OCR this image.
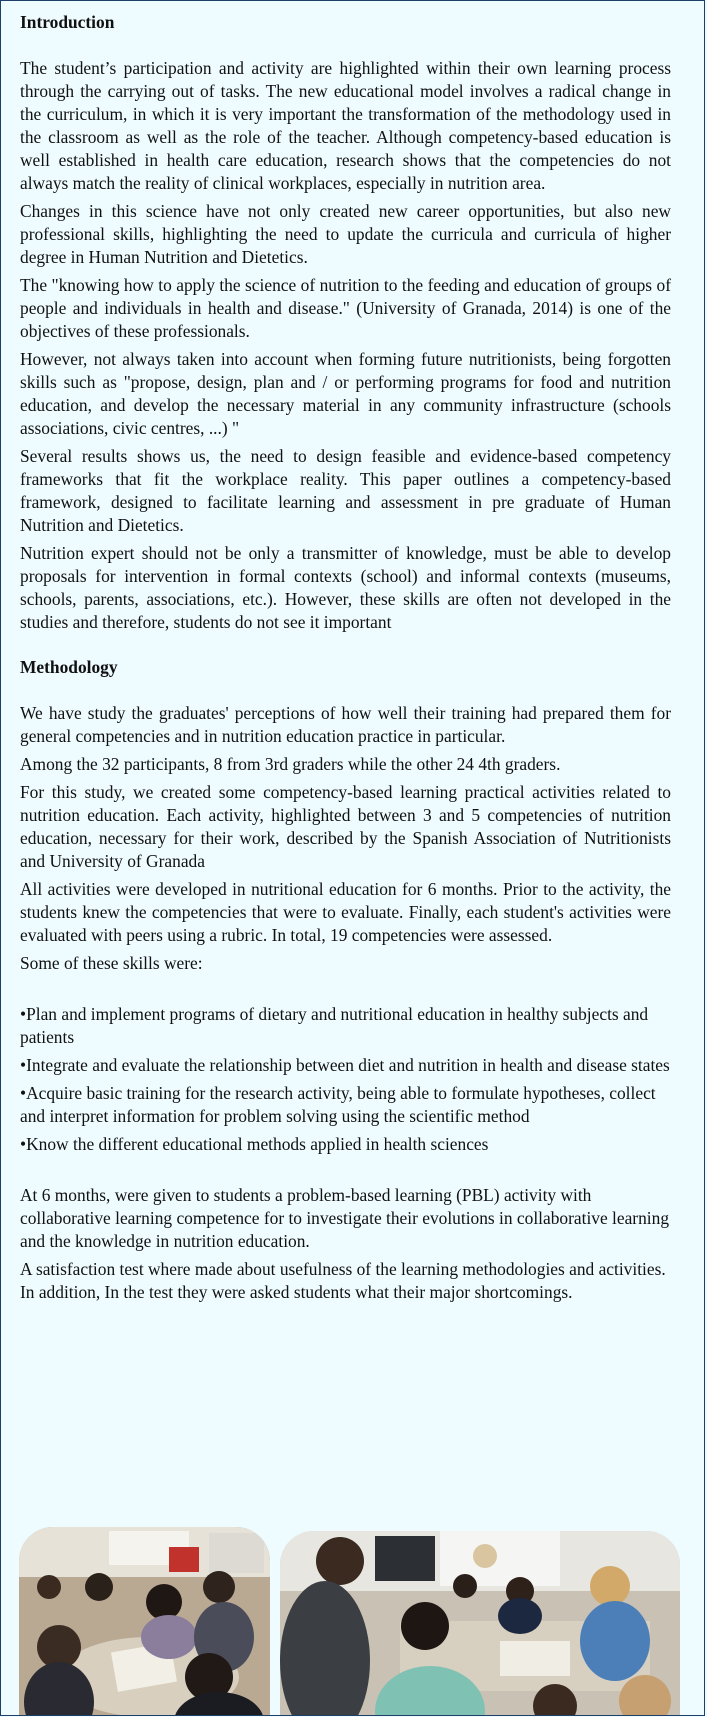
Introduction

The student’s participation and activity are highlighted within their own learning process through the carrying out of tasks. The new educational model involves a radical change in the curriculum, in which it is very important the transformation of the methodology used in the classroom as well as the role of the teacher. Although competency-based education is well established in health care education, research shows that the competencies do not always match the reality of clinical workplaces, especially in nutrition area.

Changes in this science have not only created new career opportunities, but also new professional skills, highlighting the need to update the curricula and curricula of higher degree in Human Nutrition and Dietetics.

The "knowing how to apply the science of nutrition to the feeding and education of groups of people and individuals in health and disease." (University of Granada, 2014) is one of the objectives of these professionals.

However, not always taken into account when forming future nutritionists, being forgotten skills such as "propose, design, plan and / or performing programs for food and nutrition education, and develop the necessary material in any community infrastructure (schools associations, civic centres, ...) "

Several results shows us, the need to design feasible and evidence-based competency frameworks that fit the workplace reality. This paper outlines a competency-based framework, designed to facilitate learning and assessment in pre graduate of Human Nutrition and Dietetics.

Nutrition expert should not be only a transmitter of knowledge, must be able to develop proposals for intervention in formal contexts (school) and informal contexts (museums, schools, parents, associations, etc.). However, these skills are often not developed in the studies and therefore, students do not see it important

Methodology

We have study the graduates' perceptions of how well their training had prepared them for general competencies and in nutrition education practice in particular.

Among the 32 participants, 8 from 3rd graders while the other 24 4th graders.

For this study, we created some competency-based learning practical activities related to nutrition education. Each activity, highlighted between 3 and 5 competencies of nutrition education, necessary for their work, described by the Spanish Association of Nutritionists and University of Granada

All activities were developed in nutritional education for 6 months. Prior to the activity, the students knew the competencies that were to evaluate. Finally, each student's activities were evaluated with peers using a rubric. In total, 19 competencies were assessed.

Some of these skills were:

•Plan and implement programs of dietary and nutritional education in healthy subjects and patients

•Integrate and evaluate the relationship between diet and nutrition in health and disease states

•Acquire basic training for the research activity, being able to formulate hypotheses, collect and interpret information for problem solving using the scientific method

•Know the different educational methods applied in health sciences

At 6 months, were given to students a problem-based learning (PBL) activity with collaborative learning competence for to investigate their evolutions in collaborative learning and the knowledge in nutrition education.

A satisfaction test where made about usefulness of the learning methodologies and activities. In addition, In the test they were asked students what their major shortcomings.
